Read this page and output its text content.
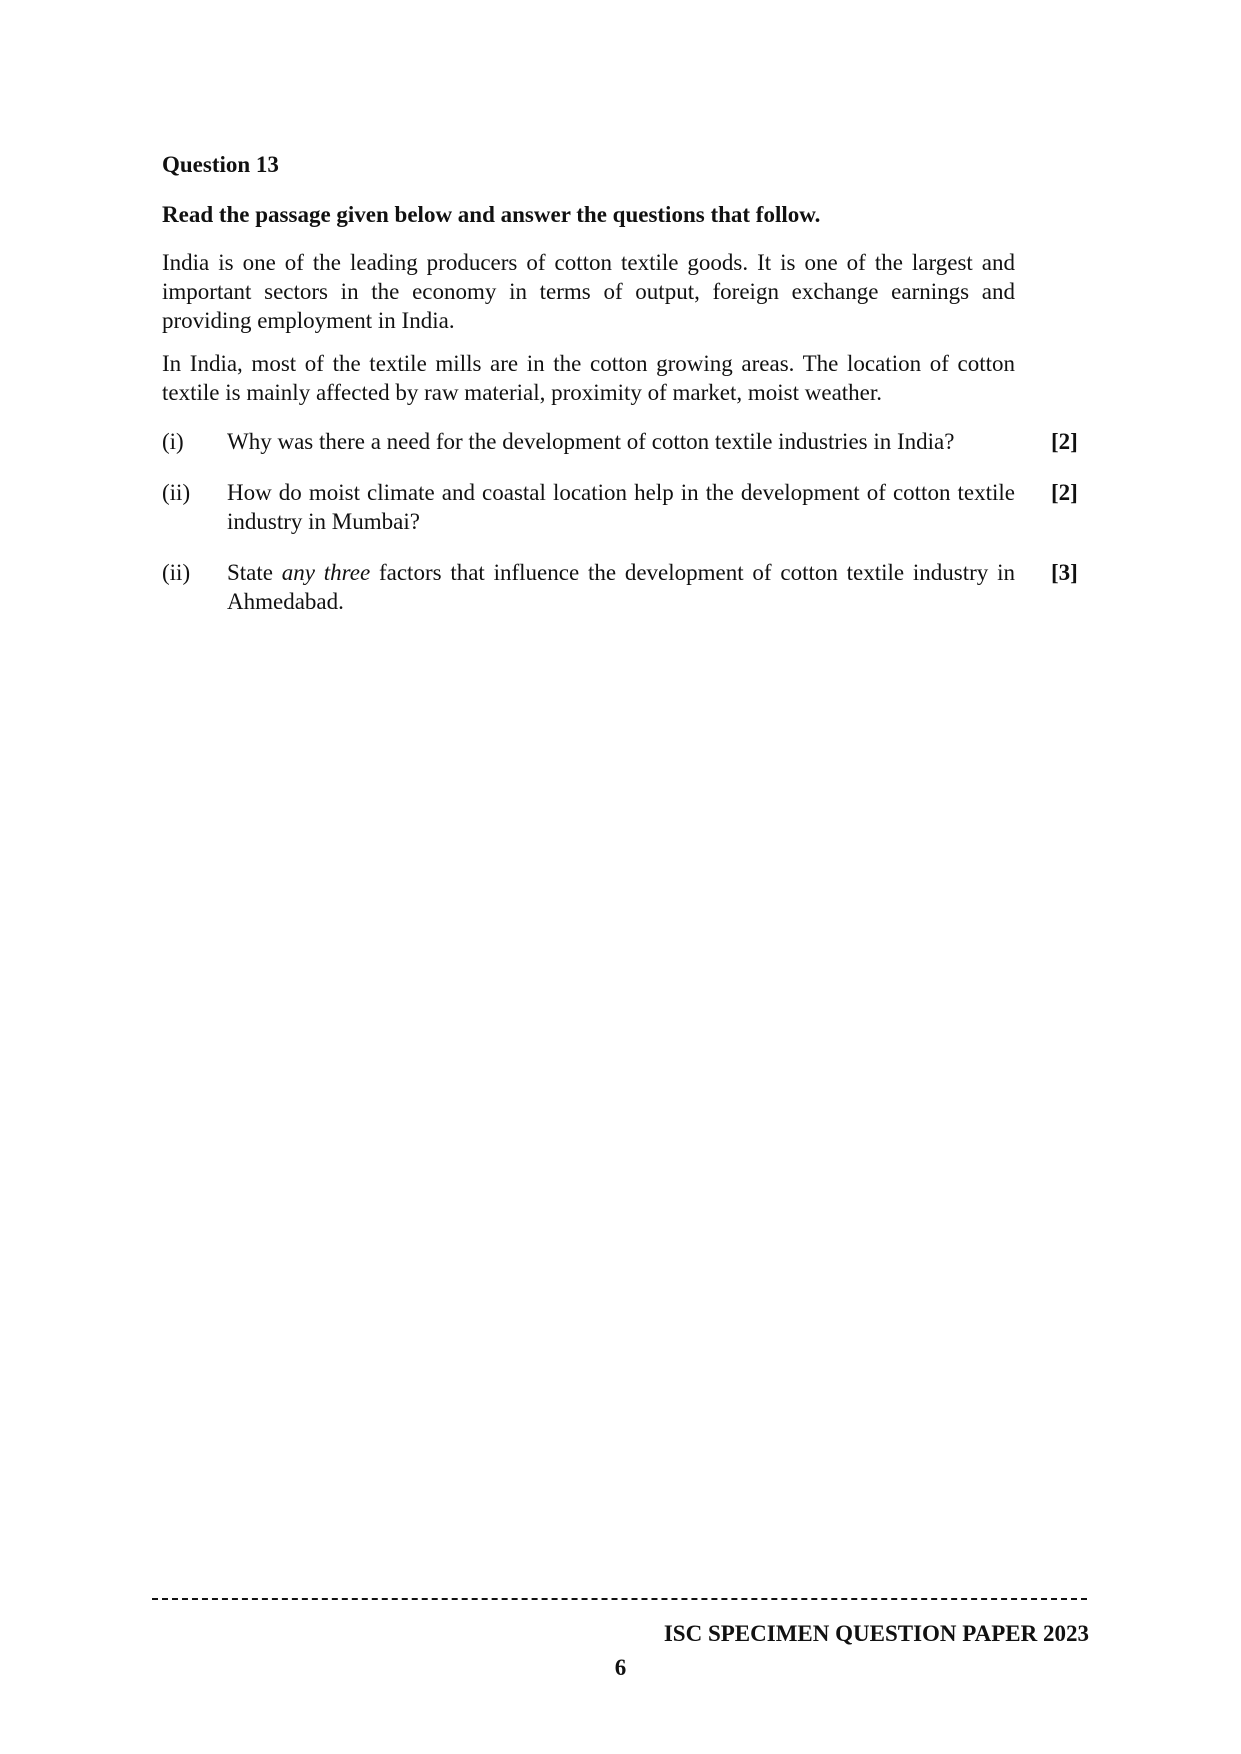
Question 13
Read the passage given below and answer the questions that follow.

India is one of the leading producers of cotton textile goods. It is one of the largest and important sectors in the economy in terms of output, foreign exchange earnings and providing employment in India.

In India, most of the textile mills are in the cotton growing areas. The location of cotton textile is mainly affected by raw material, proximity of market, moist weather.

(i) Why was there a need for the development of cotton textile industries in India?	[2]
(ii) How do moist climate and coastal location help in the development of cotton textile industry in Mumbai?
[2]
(ii) State any three factors that influence the development of cotton textile industry in Ahmedabad.
[3]
ISC SPECIMEN QUESTION PAPER 2023
6
